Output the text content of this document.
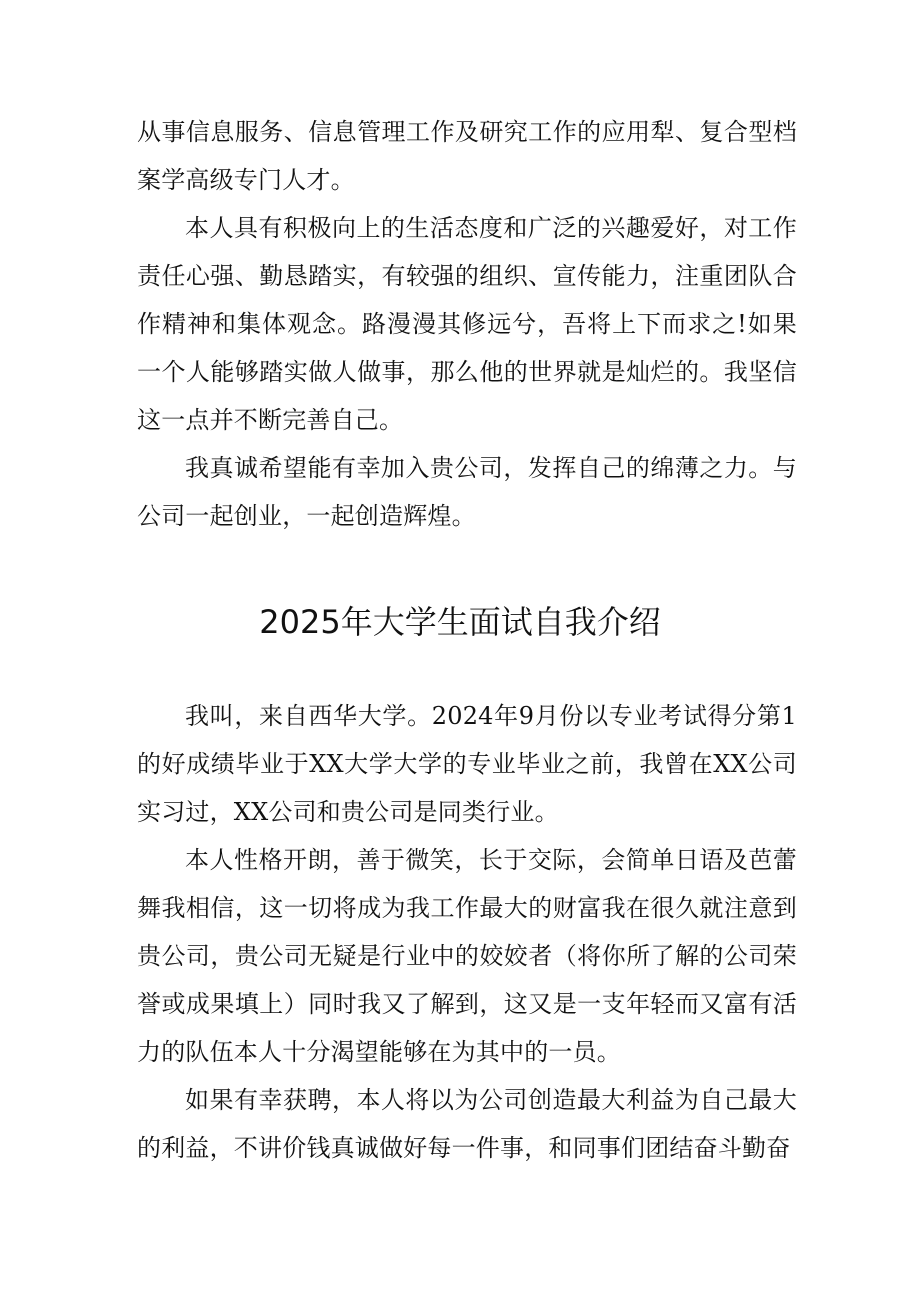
从事信息服务、信息管理工作及研究工作的应用犁、复合型档案学高级专门人才。

本人具有积极向上的生活态度和广泛的兴趣爱好，对工作责任心强、勤恳踏实，有较强的组织、宣传能力，注重团队合作精神和集体观念。路漫漫其修远兮，吾将上下而求之!如果一个人能够踏实做人做事，那么他的世界就是灿烂的。我坚信这一点并不断完善自己。

我真诚希望能有幸加入贵公司，发挥自己的绵薄之力。与公司一起创业，一起创造辉煌。

2025年大学生面试自我介绍

我叫，来自西华大学。2024年9月份以专业考试得分第1的好成绩毕业于XX大学大学的专业毕业之前，我曾在XX公司实习过，XX公司和贵公司是同类行业。

本人性格开朗，善于微笑，长于交际，会简单日语及芭蕾舞我相信，这一切将成为我工作最大的财富我在很久就注意到贵公司，贵公司无疑是行业中的姣姣者（将你所了解的公司荣誉或成果填上）同时我又了解到，这又是一支年轻而又富有活力的队伍本人十分渴望能够在为其中的一员。

如果有幸获聘，本人将以为公司创造最大利益为自己最大的利益，不讲价钱真诚做好每一件事，和同事们团结奋斗勤奋
